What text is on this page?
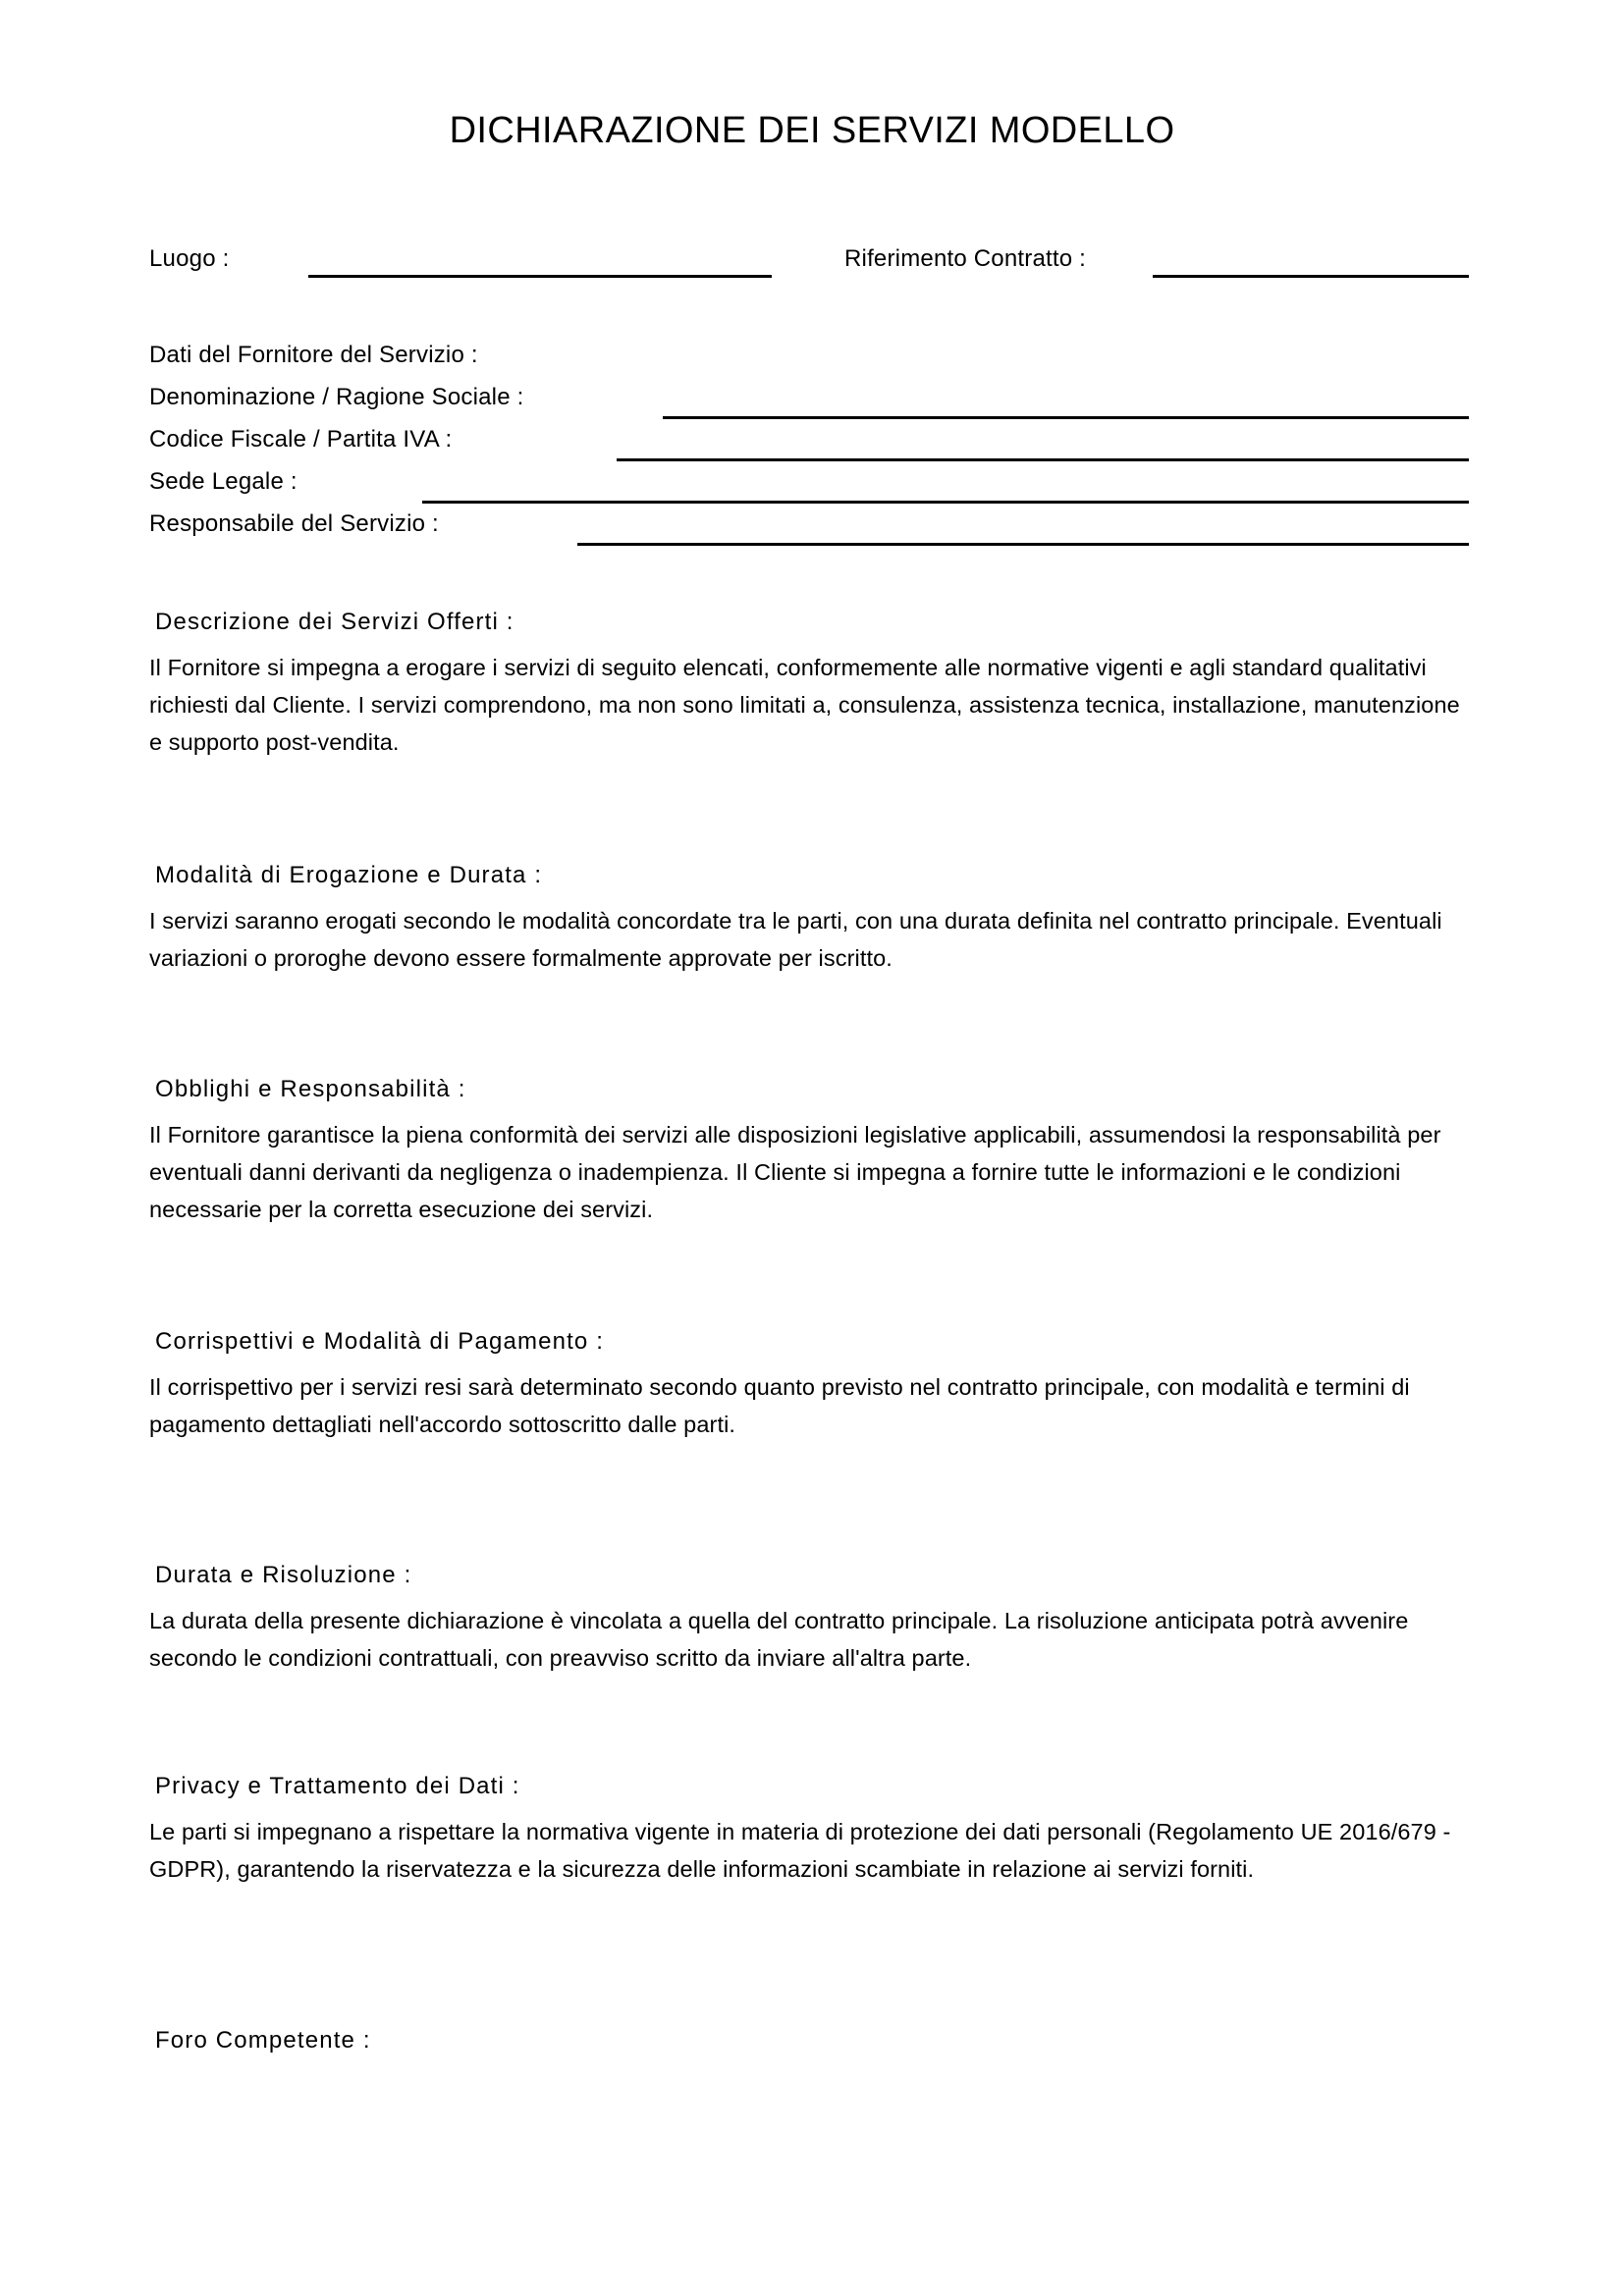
DICHIARAZIONE DEI SERVIZI MODELLO
Luogo :	Riferimento Contratto :
Dati del Fornitore del Servizio :
Denominazione / Ragione Sociale :
Codice Fiscale / Partita IVA :
Sede Legale :
Responsabile del Servizio :
Descrizione dei Servizi Offerti :

Il Fornitore si impegna a erogare i servizi di seguito elencati, conformemente alle normative vigenti e agli standard qualitativi richiesti dal Cliente. I servizi comprendono, ma non sono limitati a, consulenza, assistenza tecnica, installazione, manutenzione e supporto post-vendita.

Modalità di Erogazione e Durata :

I servizi saranno erogati secondo le modalità concordate tra le parti, con una durata definita nel contratto principale. Eventuali variazioni o proroghe devono essere formalmente approvate per iscritto.

Obblighi e Responsabilità :

Il Fornitore garantisce la piena conformità dei servizi alle disposizioni legislative applicabili, assumendosi la responsabilità per eventuali danni derivanti da negligenza o inadempienza. Il Cliente si impegna a fornire tutte le informazioni e le condizioni necessarie per la corretta esecuzione dei servizi.

Corrispettivi e Modalità di Pagamento :

Il corrispettivo per i servizi resi sarà determinato secondo quanto previsto nel contratto principale, con modalità e termini di pagamento dettagliati nell'accordo sottoscritto dalle parti.

Durata e Risoluzione :

La durata della presente dichiarazione è vincolata a quella del contratto principale. La risoluzione anticipata potrà avvenire secondo le condizioni contrattuali, con preavviso scritto da inviare all'altra parte.

Privacy e Trattamento dei Dati :

Le parti si impegnano a rispettare la normativa vigente in materia di protezione dei dati personali (Regolamento UE 2016/679 - GDPR), garantendo la riservatezza e la sicurezza delle informazioni scambiate in relazione ai servizi forniti.

Foro Competente :
